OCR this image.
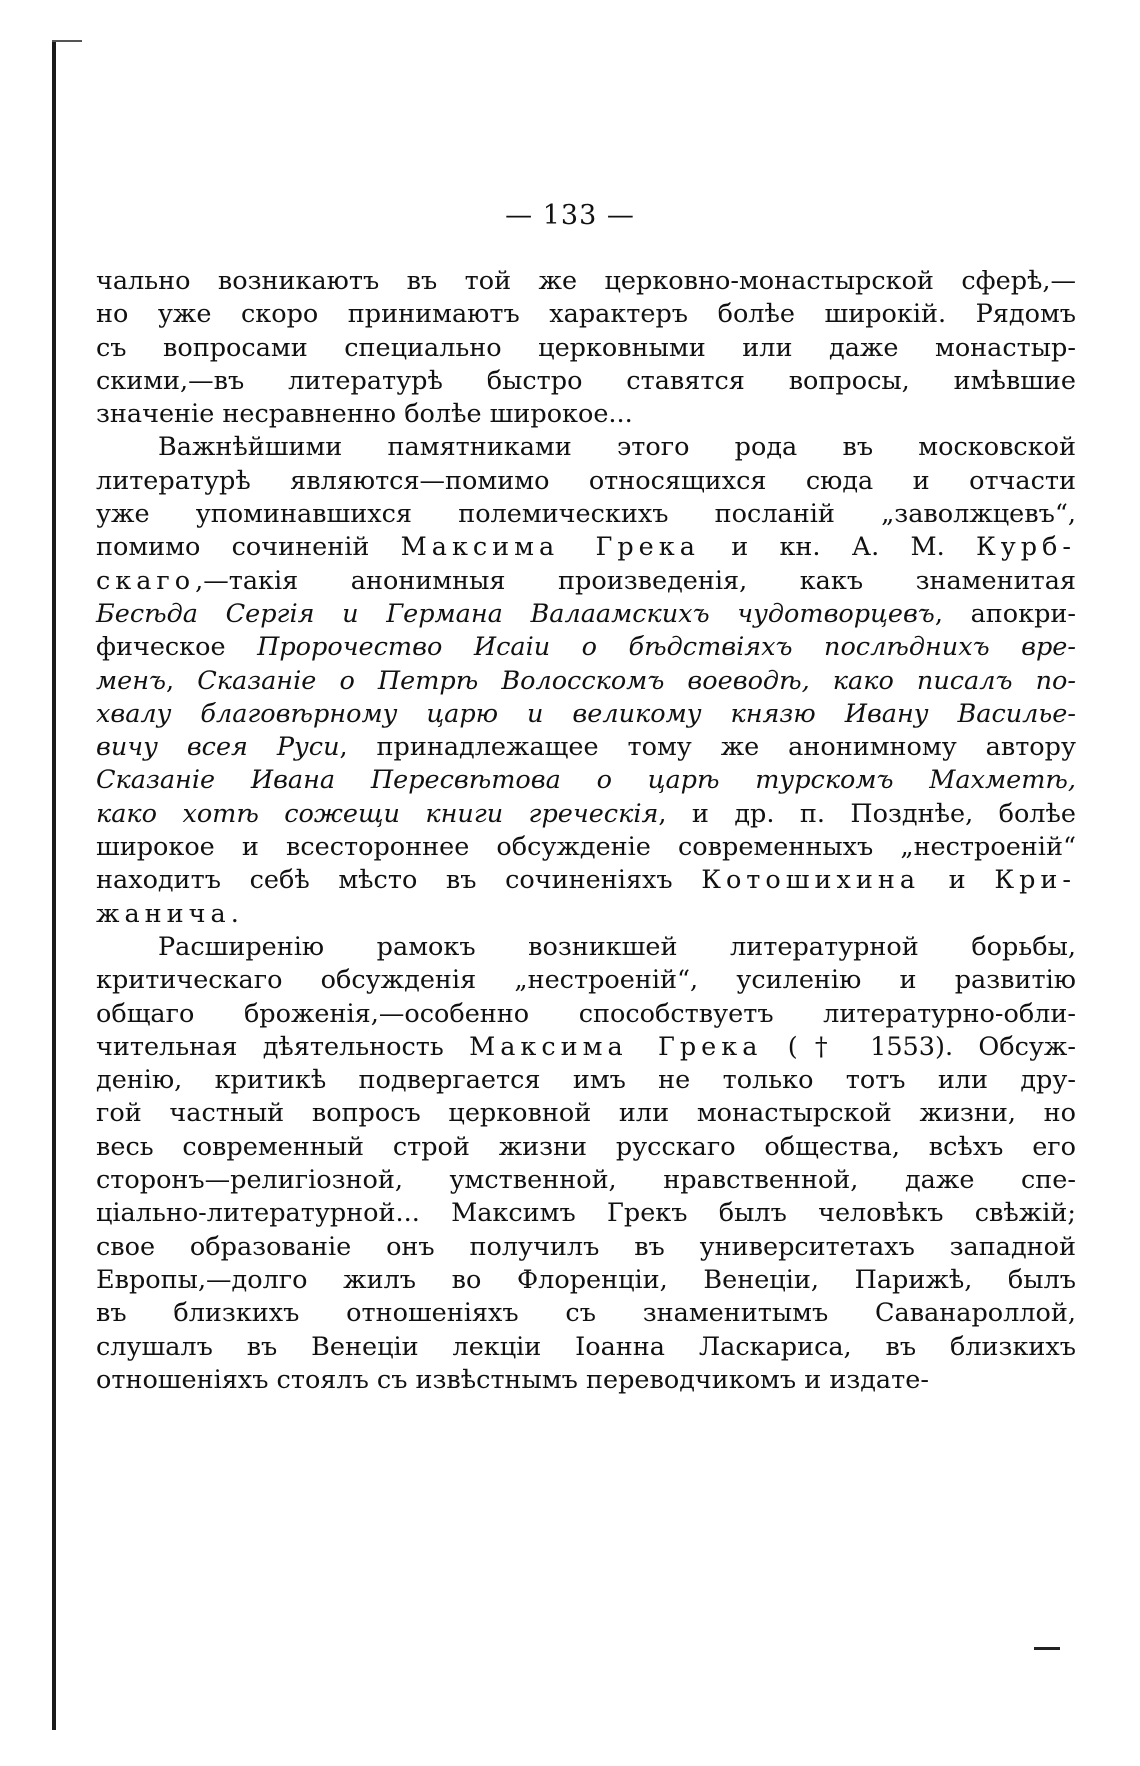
— 133 —
чально возникаютъ въ той же церковно-монастырской сферѣ,—
но уже скоро принимаютъ характеръ болѣе широкій. Рядомъ
съ вопросами специально церковными или даже монастыр-
скими,—въ литературѣ быстро ставятся вопросы, имѣвшие
значеніе несравненно болѣе широкое...
Важнѣйшими памятниками этого рода въ московской
литературѣ являются—помимо относящихся сюда и отчасти
уже упоминавшихся полемическихъ посланій „заволжцевъ“,
помимо сочиненій Максима Грека и кн. А. М. Курб-
скаго,—такія анонимныя произведенія, какъ знаменитая
Бесѣда Сергія и Германа Валаамскихъ чудотворцевъ, апокри-
фическое Пророчество Исаіи о бѣдствіяхъ послѣднихъ вре-
менъ, Сказаніе о Петрѣ Волосскомъ воеводѣ, како писалъ по-
хвалу благовѣрному царю и великому князю Ивану Василье-
вичу всея Руси, принадлежащее тому же анонимному автору
Сказаніе Ивана Пересвѣтова о царѣ турскомъ Махметѣ,
како хотѣ сожещи книги греческія, и др. п. Позднѣе, болѣе
широкое и всестороннее обсужденіе современныхъ „нестроеній“
находитъ себѣ мѣсто въ сочиненіяхъ Котошихина и Кри-
жанича.
Расширенію рамокъ возникшей литературной борьбы,
критическаго обсужденія „нестроеній“, усиленію и развитію
общаго броженія,—особенно способствуетъ литературно-обли-
чительная дѣятельность Максима Грека († 1553). Обсуж-
денію, критикѣ подвергается имъ не только тотъ или дру-
гой частный вопросъ церковной или монастырской жизни, но
весь современный строй жизни русскаго общества, всѣхъ его
сторонъ—религіозной, умственной, нравственной, даже спе-
ціально-литературной... Максимъ Грекъ былъ человѣкъ свѣжій;
свое образованіе онъ получилъ въ университетахъ западной
Европы,—долго жилъ во Флоренціи, Венеціи, Парижѣ, былъ
въ близкихъ отношеніяхъ съ знаменитымъ Саванароллой,
слушалъ въ Венеціи лекціи Іоанна Ласкариса, въ близкихъ
отношеніяхъ стоялъ съ извѣстнымъ переводчикомъ и издате-
